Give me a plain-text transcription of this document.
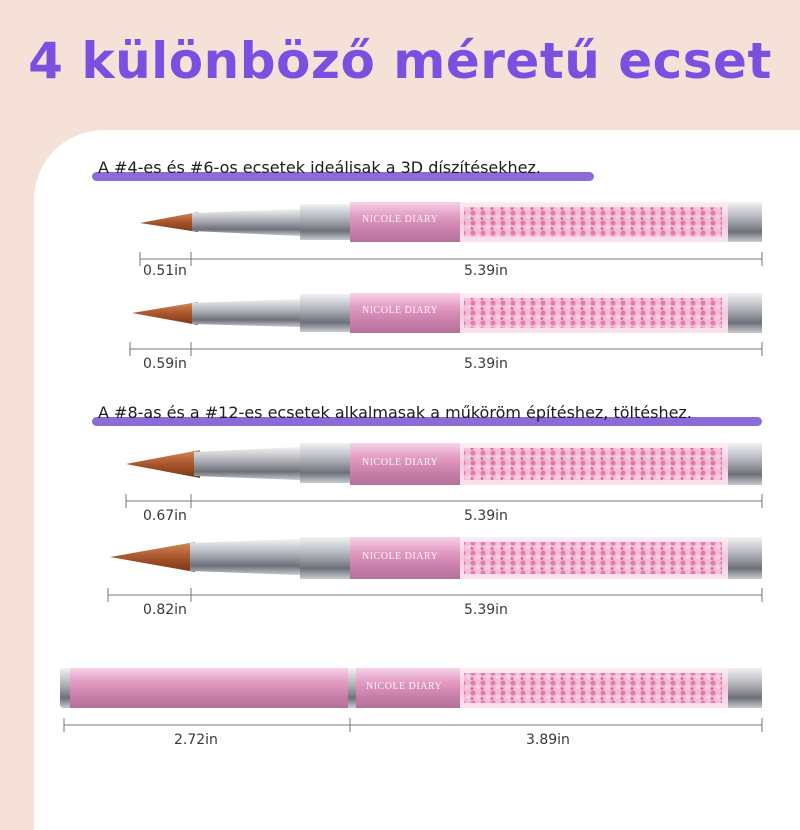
4 különböző méretű ecset
A #4-es és #6-os ecsetek ideálisak a 3D díszítésekhez.
A #8-as és a #12-es ecsetek alkalmasak a műköröm építéshez, töltéshez.
NICOLE DIARY
NICOLE DIARY
NICOLE DIARY
NICOLE DIARY
NICOLE DIARY
0.51in	5.39in
0.59in	5.39in
0.67in	5.39in
0.82in	5.39in
2.72in	3.89in
